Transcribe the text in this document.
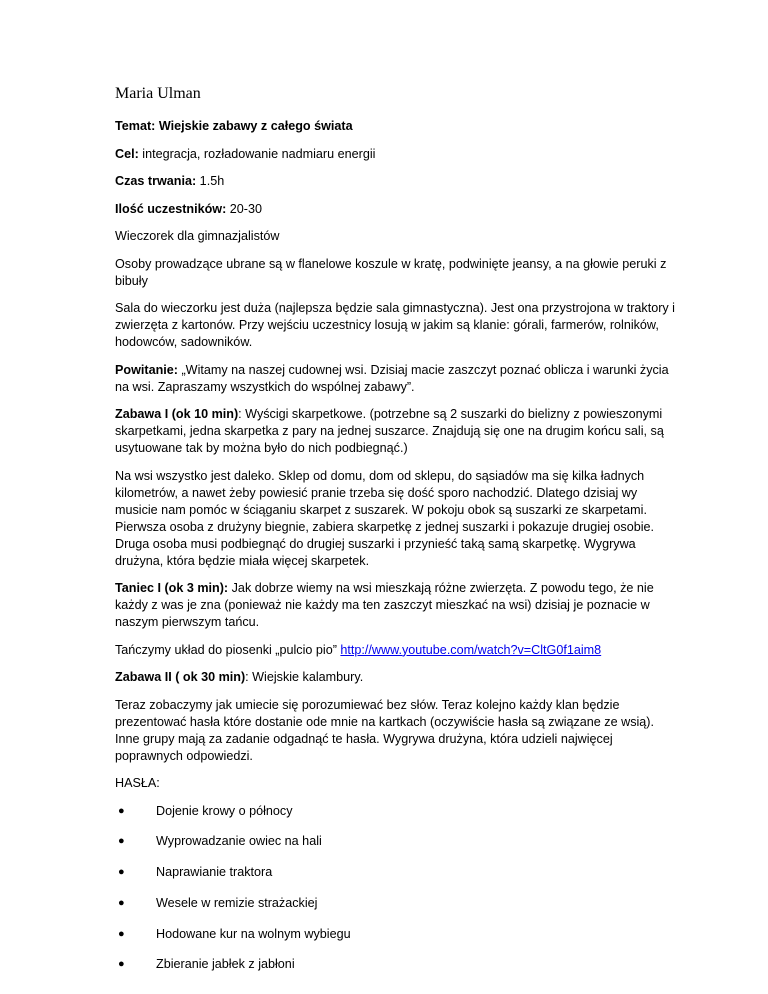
Maria Ulman

Temat: Wiejskie zabawy z całego świata

Cel: integracja, rozładowanie nadmiaru energii

Czas trwania: 1.5h

Ilość uczestników: 20-30

Wieczorek dla gimnazjalistów

Osoby prowadzące ubrane są w flanelowe koszule w kratę, podwinięte jeansy, a na głowie peruki z bibuły

Sala do wieczorku jest duża (najlepsza będzie sala gimnastyczna). Jest ona przystrojona w traktory i zwierzęta z kartonów. Przy wejściu uczestnicy losują w jakim są klanie: górali, farmerów, rolników, hodowców, sadowników.

Powitanie: „Witamy na naszej cudownej wsi. Dzisiaj macie zaszczyt poznać oblicza i warunki życia na wsi. Zapraszamy wszystkich do wspólnej zabawy”.

Zabawa I (ok 10 min): Wyścigi skarpetkowe. (potrzebne są 2 suszarki do bielizny z powieszonymi skarpetkami, jedna skarpetka z pary na jednej suszarce. Znajdują się one na drugim końcu sali, są usytuowane tak by można było do nich podbiegnąć.)

Na wsi wszystko jest daleko. Sklep od domu, dom od sklepu, do sąsiadów ma się kilka ładnych kilometrów, a nawet żeby powiesić pranie trzeba się dość sporo nachodzić. Dlatego dzisiaj wy musicie nam pomóc w ściąganiu skarpet z suszarek. W pokoju obok są suszarki ze skarpetami. Pierwsza osoba z drużyny biegnie, zabiera skarpetkę z jednej suszarki i pokazuje drugiej osobie. Druga osoba musi podbiegnąć do drugiej suszarki i przynieść taką samą skarpetkę. Wygrywa drużyna, która będzie miała więcej skarpetek.

Taniec I (ok 3 min): Jak dobrze wiemy na wsi mieszkają różne zwierzęta. Z powodu tego, że nie każdy z was je zna (ponieważ nie każdy ma ten zaszczyt mieszkać na wsi) dzisiaj je poznacie w naszym pierwszym tańcu.

Tańczymy układ do piosenki „pulcio pio” http://www.youtube.com/watch?v=CltG0f1aim8

Zabawa II ( ok 30 min): Wiejskie kalambury.

Teraz zobaczymy jak umiecie się porozumiewać bez słów. Teraz kolejno każdy klan będzie prezentować hasła które dostanie ode mnie na kartkach (oczywiście hasła są związane ze wsią). Inne grupy mają za zadanie odgadnąć te hasła. Wygrywa drużyna, która udzieli najwięcej poprawnych odpowiedzi.

HASŁA:

● Dojenie krowy o północy
● Wyprowadzanie owiec na hali
● Naprawianie traktora
● Wesele w remizie strażackiej
● Hodowane kur na wolnym wybiegu
● Zbieranie jabłek z jabłoni
